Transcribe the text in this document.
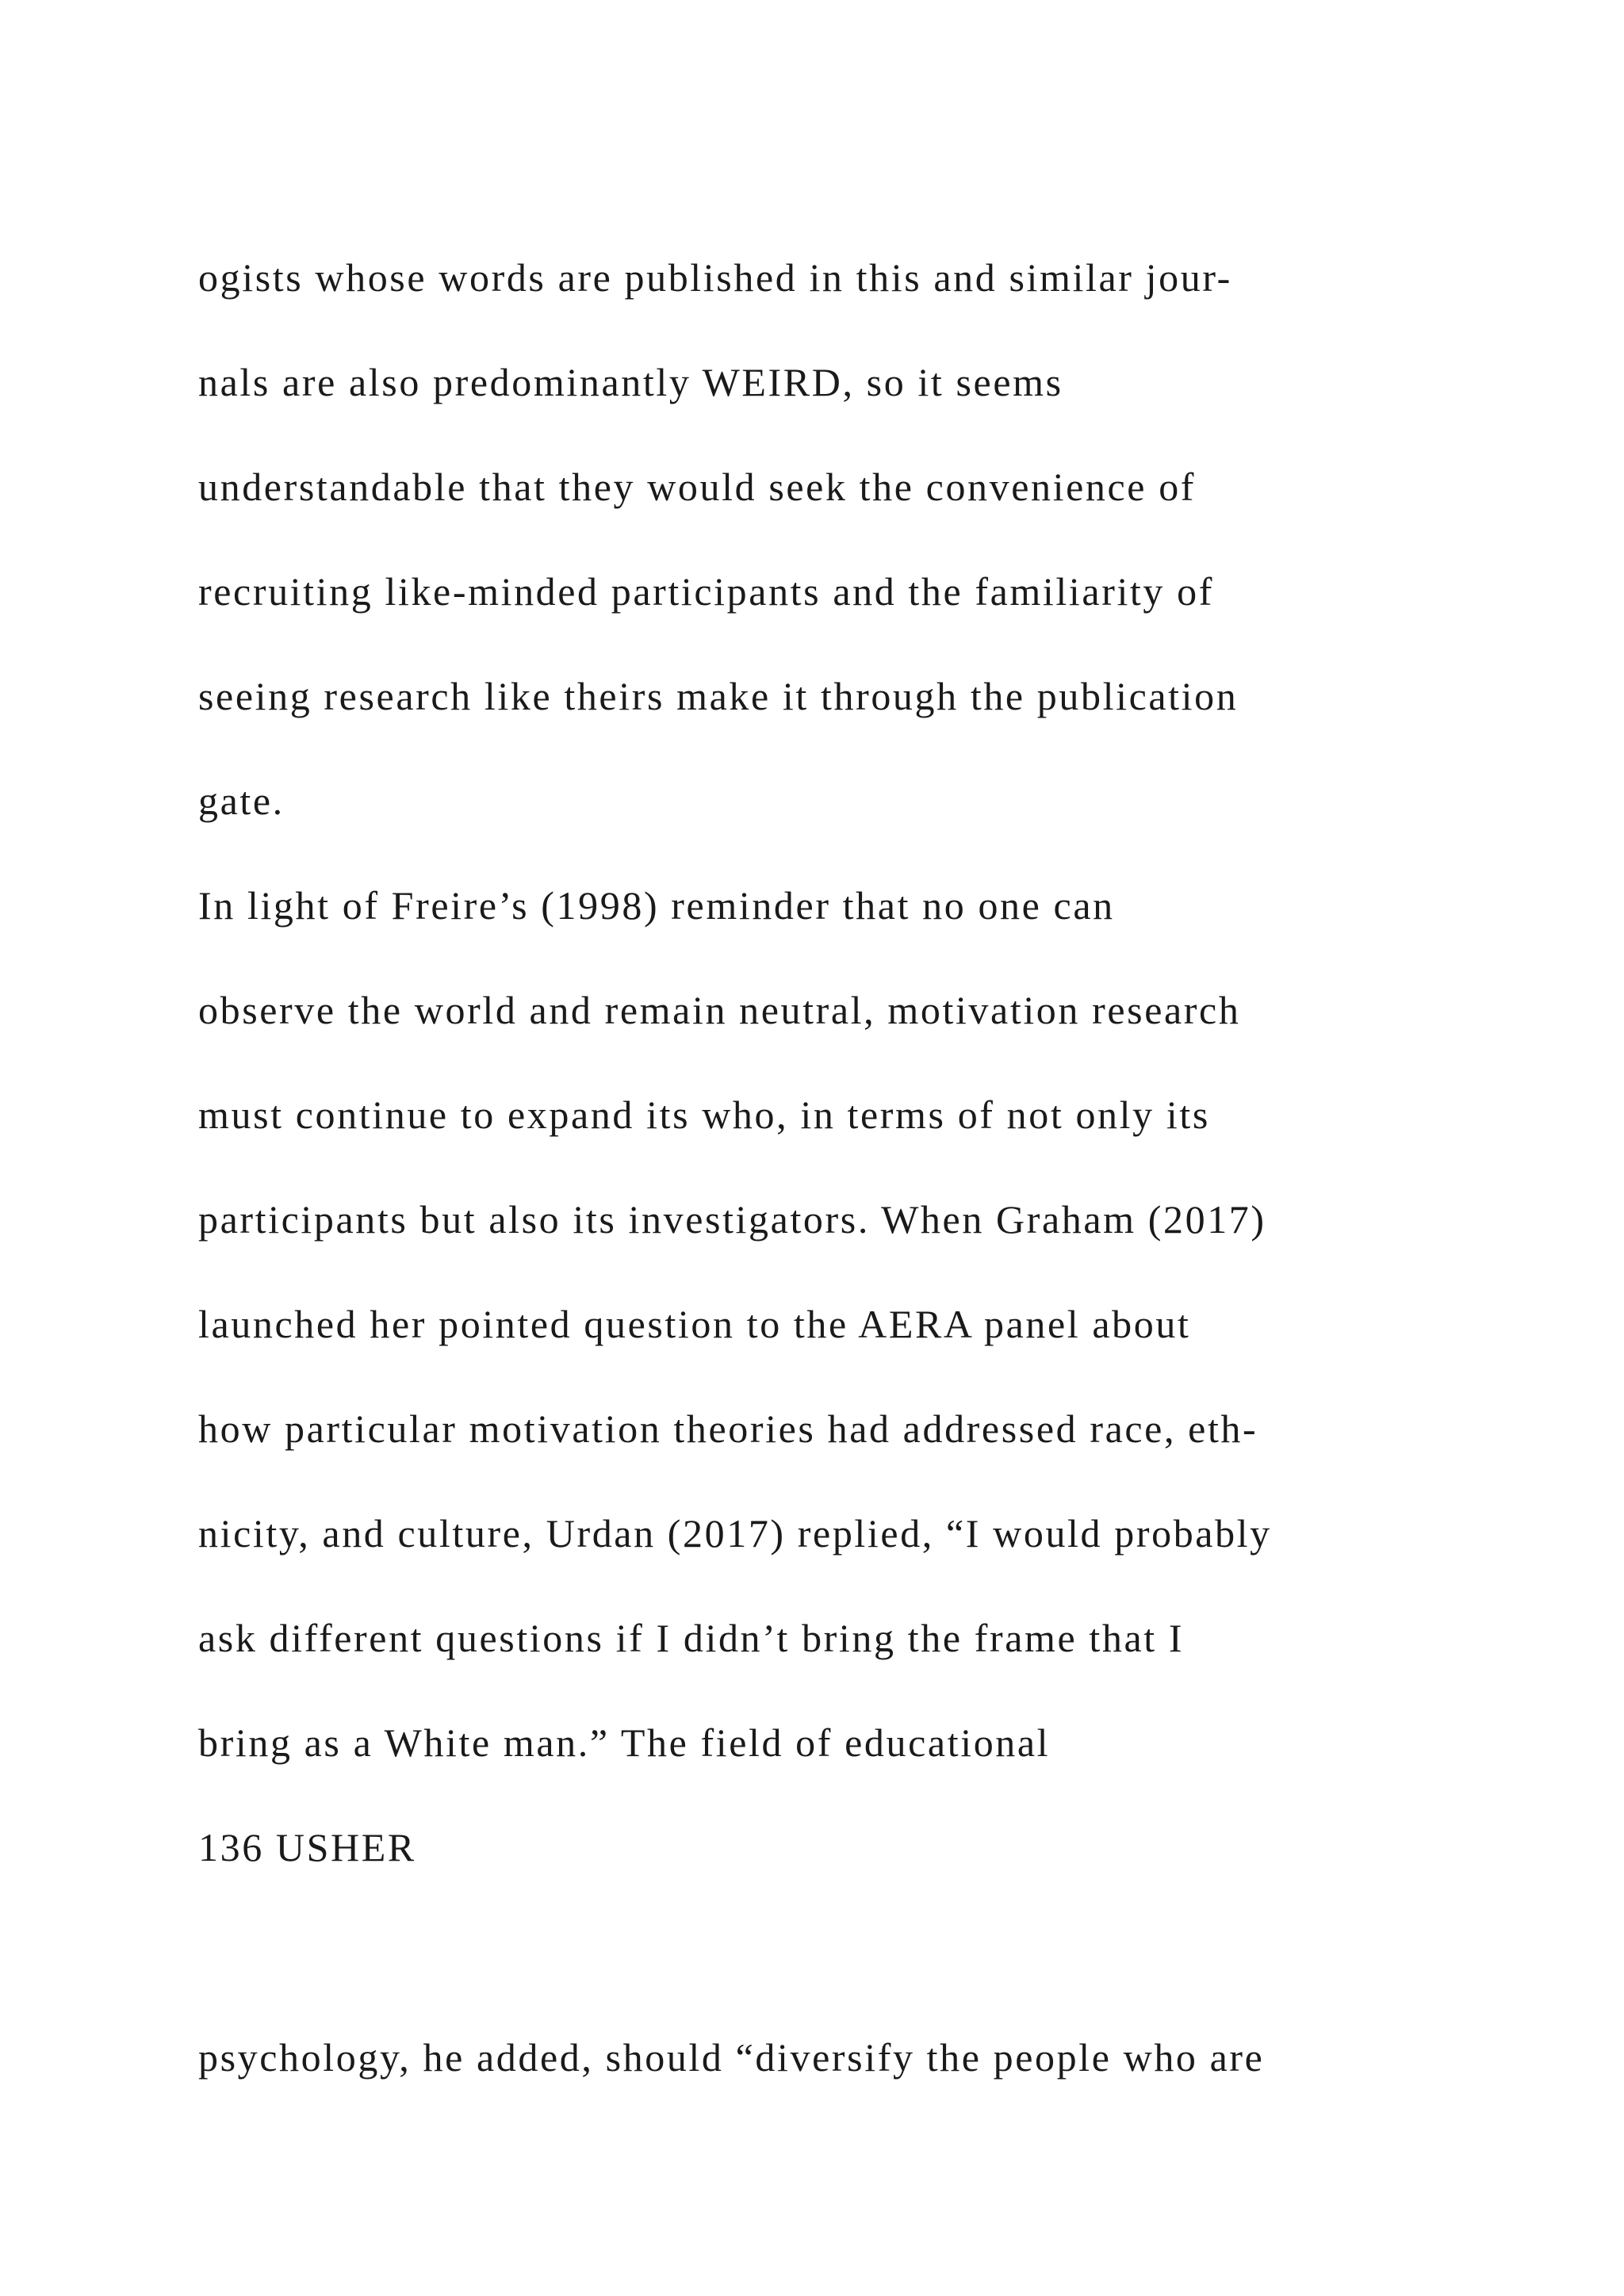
ogists whose words are published in this and similar jour-
nals are also predominantly WEIRD, so it seems
understandable that they would seek the convenience of
recruiting like-minded participants and the familiarity of
seeing research like theirs make it through the publication
gate.
In light of Freire’s (1998) reminder that no one can
observe the world and remain neutral, motivation research
must continue to expand its who, in terms of not only its
participants but also its investigators. When Graham (2017)
launched her pointed question to the AERA panel about
how particular motivation theories had addressed race, eth-
nicity, and culture, Urdan (2017) replied, “I would probably
ask different questions if I didn’t bring the frame that I
bring as a White man.” The field of educational
136 USHER
psychology, he added, should “diversify the people who are
